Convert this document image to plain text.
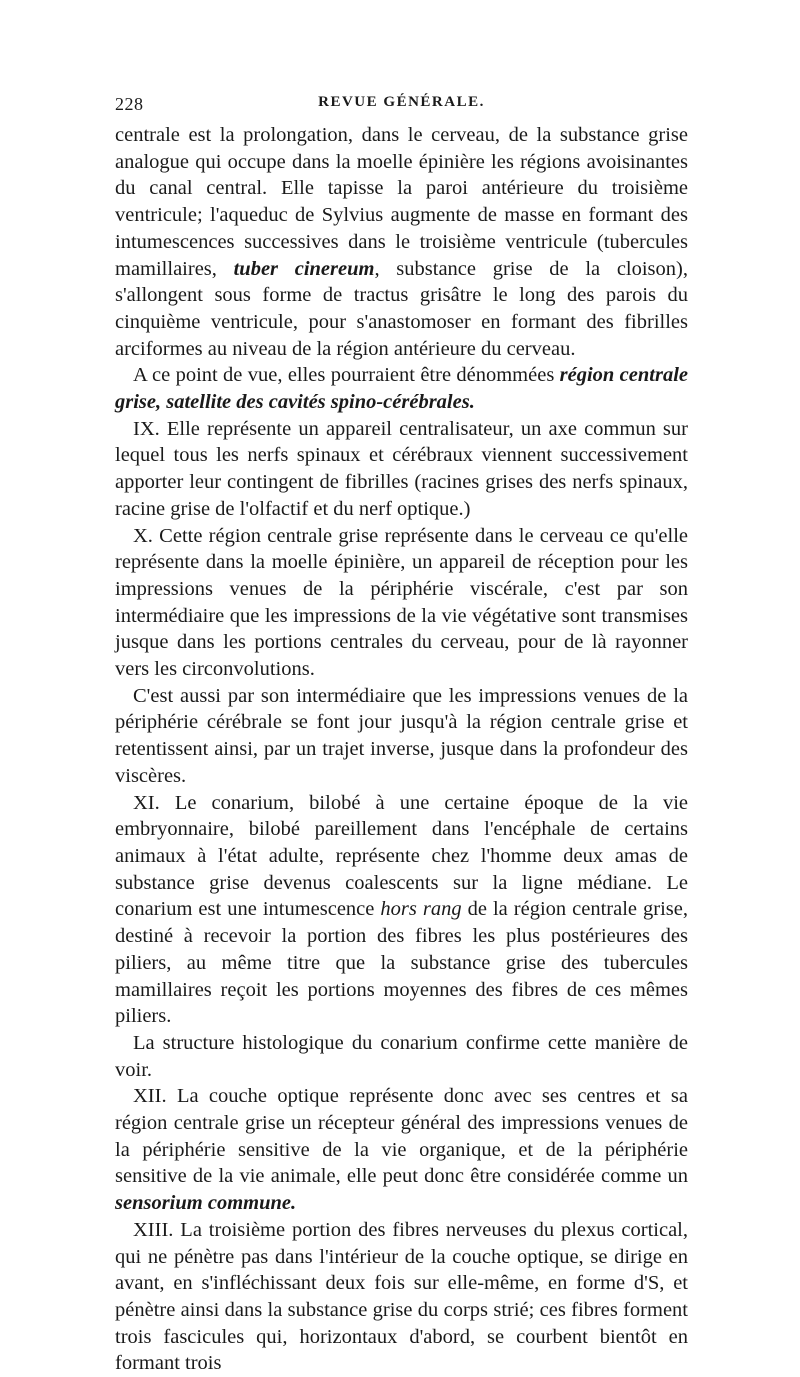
228	REVUE GÉNÉRALE.

centrale est la prolongation, dans le cerveau, de la substance grise analogue qui occupe dans la moelle épinière les régions avoisinantes du canal central. Elle tapisse la paroi antérieure du troisième ventricule; l'aqueduc de Sylvius augmente de masse en formant des intumescences successives dans le troisième ventricule (tubercules mamillaires, tuber cinereum, substance grise de la cloison), s'allongent sous forme de tractus grisâtre le long des parois du cinquième ventricule, pour s'anastomoser en formant des fibrilles arciformes au niveau de la région antérieure du cerveau.

A ce point de vue, elles pourraient être dénommées région centrale grise, satellite des cavités spino-cérébrales.

IX. Elle représente un appareil centralisateur, un axe commun sur lequel tous les nerfs spinaux et cérébraux viennent successivement apporter leur contingent de fibrilles (racines grises des nerfs spinaux, racine grise de l'olfactif et du nerf optique.)

X. Cette région centrale grise représente dans le cerveau ce qu'elle représente dans la moelle épinière, un appareil de réception pour les impressions venues de la périphérie viscérale, c'est par son intermédiaire que les impressions de la vie végétative sont transmises jusque dans les portions centrales du cerveau, pour de là rayonner vers les circonvolutions.

C'est aussi par son intermédiaire que les impressions venues de la périphérie cérébrale se font jour jusqu'à la région centrale grise et retentissent ainsi, par un trajet inverse, jusque dans la profondeur des viscères.

XI. Le conarium, bilobé à une certaine époque de la vie embryonnaire, bilobé pareillement dans l'encéphale de certains animaux à l'état adulte, représente chez l'homme deux amas de substance grise devenus coalescents sur la ligne médiane. Le conarium est une intumescence hors rang de la région centrale grise, destiné à recevoir la portion des fibres les plus postérieures des piliers, au même titre que la substance grise des tubercules mamillaires reçoit les portions moyennes des fibres de ces mêmes piliers.

La structure histologique du conarium confirme cette manière de voir.

XII. La couche optique représente donc avec ses centres et sa région centrale grise un récepteur général des impressions venues de la périphérie sensitive de la vie organique, et de la périphérie sensitive de la vie animale, elle peut donc être considérée comme un sensorium commune.

XIII. La troisième portion des fibres nerveuses du plexus cortical, qui ne pénètre pas dans l'intérieur de la couche optique, se dirige en avant, en s'infléchissant deux fois sur elle-même, en forme d'S, et pénètre ainsi dans la substance grise du corps strié; ces fibres forment trois fascicules qui, horizontaux d'abord, se courbent bientôt en formant trois
